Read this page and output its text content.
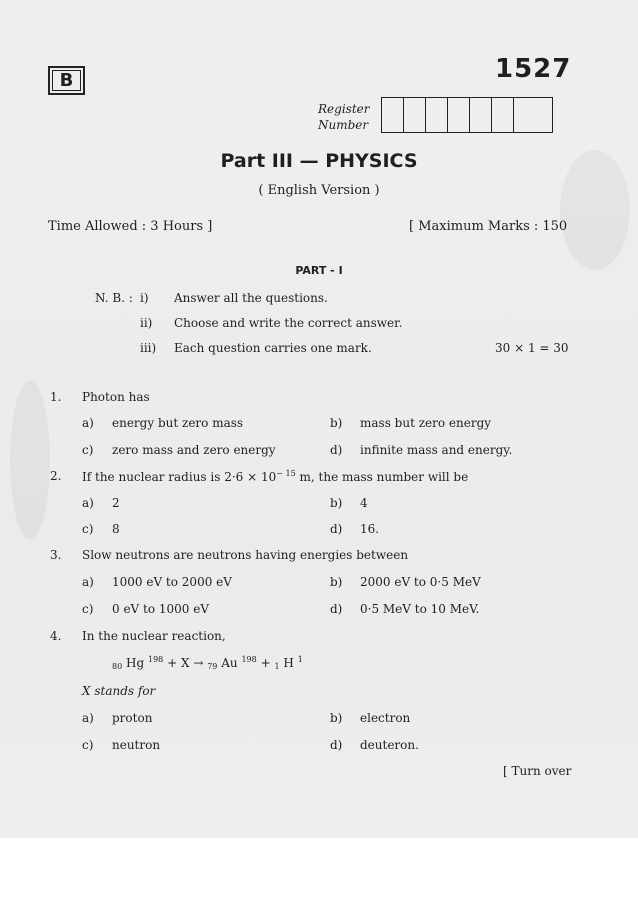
B	1527
Register
Number
Part III — PHYSICS
( English Version )
Time Allowed : 3 Hours ]	[ Maximum Marks : 150
PART - I
N. B. : i) Answer all the questions.
ii) Choose and write the correct answer.
iii) Each question carries one mark.	30 × 1 = 30
1. Photon has
a) energy but zero mass	b) mass but zero energy
c) zero mass and zero energy	d) infinite mass and energy.
2. If the nuclear radius is $2\cdot 6 \times 10^{- 15}$ m, the mass number will be
a) 2	b) 4
c) 8	d) 16.
3. Slow neutrons are neutrons having energies between
a) 1000 eV to 2000 eV	b) 2000 eV to 0·5 MeV
c) 0 eV to 1000 eV	d) 0·5 MeV to 10 MeV.
4. In the nuclear reaction,
$_{80}$ Hg $^{198}$ + X → $_{79}$ Au $^{198}$ + $_1$ H $^1$
X stands for
a) proton	b) electron
c) neutron	d) deuteron.
[ Turn over
